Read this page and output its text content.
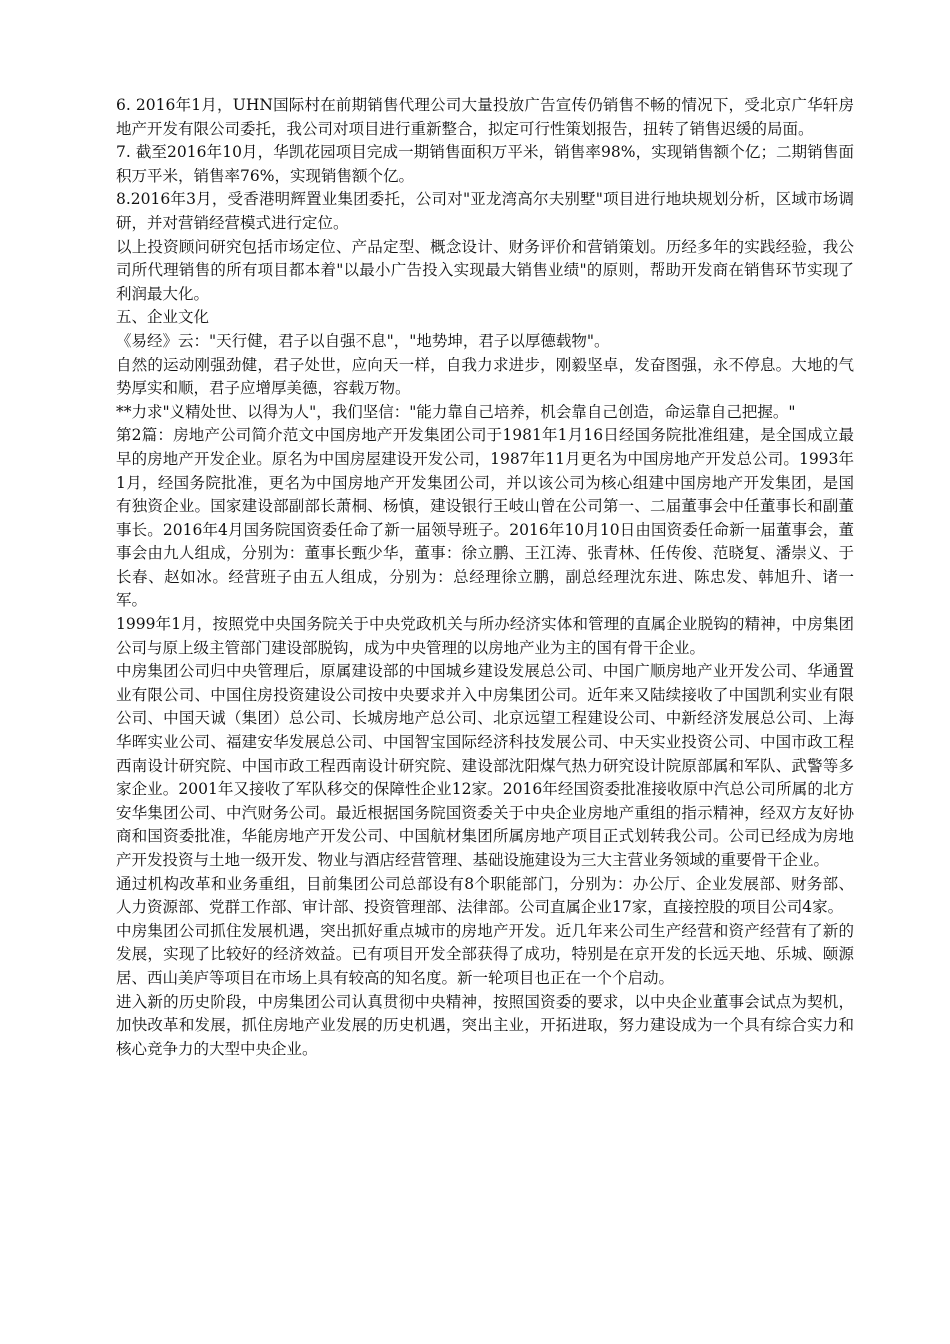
6. 2016年1月，UHN国际村在前期销售代理公司大量投放广告宣传仍销售不畅的情况下，受北京广华轩房地产开发有限公司委托，我公司对项目进行重新整合，拟定可行性策划报告，扭转了销售迟缓的局面。

7. 截至2016年10月，华凯花园项目完成一期销售面积万平米，销售率98%，实现销售额个亿；二期销售面积万平米，销售率76%，实现销售额个亿。

8.2016年3月，受香港明辉置业集团委托，公司对"亚龙湾高尔夫别墅"项目进行地块规划分析，区域市场调研，并对营销经营模式进行定位。

以上投资顾问研究包括市场定位、产品定型、概念设计、财务评价和营销策划。历经多年的实践经验，我公司所代理销售的所有项目都本着"以最小广告投入实现最大销售业绩"的原则，帮助开发商在销售环节实现了利润最大化。

五、企业文化

《易经》云："天行健，君子以自强不息"，"地势坤，君子以厚德载物"。

自然的运动刚强劲健，君子处世，应向天一样，自我力求进步，刚毅坚卓，发奋图强，永不停息。大地的气势厚实和顺，君子应增厚美德，容载万物。

**力求"义精处世、以得为人"，我们坚信："能力靠自己培养，机会靠自己创造，命运靠自己把握。"

第2篇：房地产公司简介范文中国房地产开发集团公司于1981年1月16日经国务院批准组建，是全国成立最早的房地产开发企业。原名为中国房屋建设开发公司，1987年11月更名为中国房地产开发总公司。1993年1月，经国务院批准，更名为中国房地产开发集团公司，并以该公司为核心组建中国房地产开发集团，是国有独资企业。国家建设部副部长萧桐、杨慎，建设银行王岐山曾在公司第一、二届董事会中任董事长和副董事长。2016年4月国务院国资委任命了新一届领导班子。2016年10月10日由国资委任命新一届董事会，董事会由九人组成，分别为：董事长甄少华，董事：徐立鹏、王江涛、张青林、任传俊、范晓复、潘崇义、于长春、赵如冰。经营班子由五人组成，分别为：总经理徐立鹏，副总经理沈东进、陈忠发、韩旭升、诸一军。

1999年1月，按照党中央国务院关于中央党政机关与所办经济实体和管理的直属企业脱钩的精神，中房集团公司与原上级主管部门建设部脱钩，成为中央管理的以房地产业为主的国有骨干企业。

中房集团公司归中央管理后，原属建设部的中国城乡建设发展总公司、中国广顺房地产业开发公司、华通置业有限公司、中国住房投资建设公司按中央要求并入中房集团公司。近年来又陆续接收了中国凯利实业有限公司、中国天诚（集团）总公司、长城房地产总公司、北京远望工程建设公司、中新经济发展总公司、上海华晖实业公司、福建安华发展总公司、中国智宝国际经济科技发展公司、中天实业投资公司、中国市政工程西南设计研究院、中国市政工程西南设计研究院、建设部沈阳煤气热力研究设计院原部属和军队、武警等多家企业。2001年又接收了军队移交的保障性企业12家。2016年经国资委批准接收原中汽总公司所属的北方安华集团公司、中汽财务公司。最近根据国务院国资委关于中央企业房地产重组的指示精神，经双方友好协商和国资委批准，华能房地产开发公司、中国航材集团所属房地产项目正式划转我公司。公司已经成为房地产开发投资与土地一级开发、物业与酒店经营管理、基础设施建设为三大主营业务领域的重要骨干企业。

通过机构改革和业务重组，目前集团公司总部设有8个职能部门，分别为：办公厅、企业发展部、财务部、人力资源部、党群工作部、审计部、投资管理部、法律部。公司直属企业17家，直接控股的项目公司4家。

中房集团公司抓住发展机遇，突出抓好重点城市的房地产开发。近几年来公司生产经营和资产经营有了新的发展，实现了比较好的经济效益。已有项目开发全部获得了成功，特别是在京开发的长远天地、乐城、颐源居、西山美庐等项目在市场上具有较高的知名度。新一轮项目也正在一个个启动。

进入新的历史阶段，中房集团公司认真贯彻中央精神，按照国资委的要求，以中央企业董事会试点为契机，加快改革和发展，抓住房地产业发展的历史机遇，突出主业，开拓进取，努力建设成为一个具有综合实力和核心竞争力的大型中央企业。
